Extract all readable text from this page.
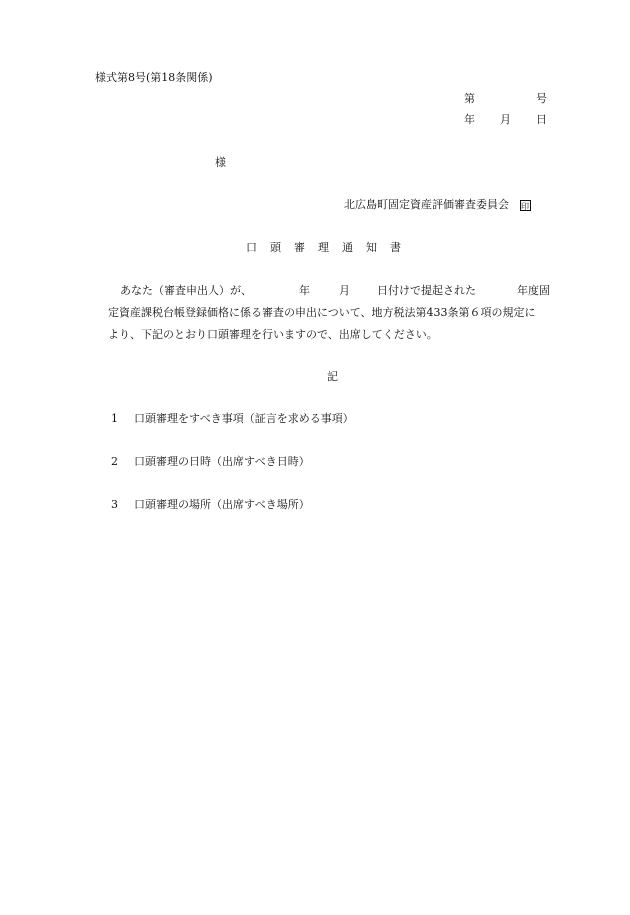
様式第8号(第18条関係)
第	号
年 月 日
様
北広島町固定資産評価審査委員会 印
口 頭 審 理 通 知 書
あなた（審査申出人）が、	年	月 日付けで提起された	年度固
定資産課税台帳登録価格に係る審査の申出について、地方税法第433条第６項の規定に
より、下記のとおり口頭審理を行いますので、出席してください。
記
1 口頭審理をすべき事項（証言を求める事項）
2 口頭審理の日時（出席すべき日時）
3 口頭審理の場所（出席すべき場所）
